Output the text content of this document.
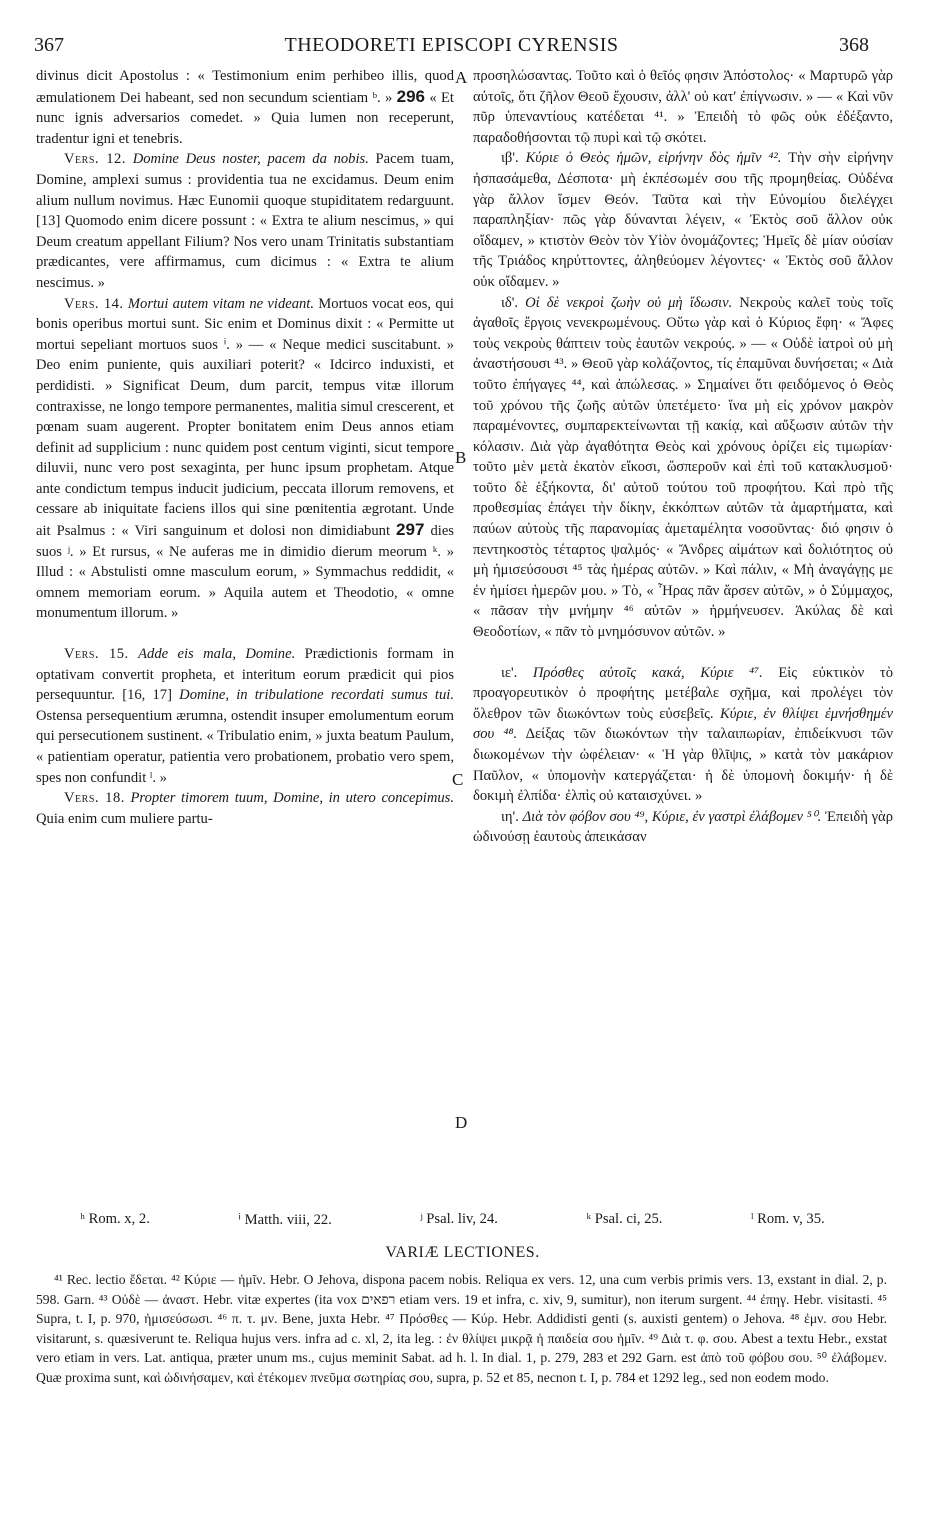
367	THEODORETI EPISCOPI CYRENSIS	368
A
B
C
D

divinus dicit Apostolus : « Testimonium enim perhibeo illis, quod æmulationem Dei habeant, sed non secundum scientiam ᵇ. » 296 « Et nunc ignis adversarios comedet. » Quia lumen non receperunt, tradentur igni et tenebris.

Vers. 12. Domine Deus noster, pacem da nobis. Pacem tuam, Domine, amplexi sumus : providentia tua ne excidamus. Deum enim alium nullum novimus. Hæc Eunomii quoque stupiditatem redarguunt. [13] Quomodo enim dicere possunt : « Extra te alium nescimus, » qui Deum creatum appellant Filium? Nos vero unam Trinitatis substantiam prædicantes, vere affirmamus, cum dicimus : « Extra te alium nescimus. »

Vers. 14. Mortui autem vitam ne videant. Mortuos vocat eos, qui bonis operibus mortui sunt. Sic enim et Dominus dixit : « Permitte ut mortui sepeliant mortuos suos ⁱ. » — « Neque medici suscitabunt. » Deo enim puniente, quis auxiliari poterit? « Idcirco induxisti, et perdidisti. » Significat Deum, dum parcit, tempus vitæ illorum contraxisse, ne longo tempore permanentes, malitia simul crescerent, et pœnam suam augerent. Propter bonitatem enim Deus annos etiam definit ad supplicium : nunc quidem post centum viginti, sicut tempore diluvii, nunc vero post sexaginta, per hunc ipsum prophetam. Atque ante condictum tempus inducit judicium, peccata illorum removens, et cessare ab iniquitate faciens illos qui sine pœnitentia ægrotant. Unde ait Psalmus : « Viri sanguinum et dolosi non dimidiabunt 297 dies suos ʲ. » Et rursus, « Ne auferas me in dimidio dierum meorum ᵏ. » Illud : « Abstulisti omne masculum eorum, » Symmachus reddidit, « omnem memoriam eorum. » Aquila autem et Theodotio, « omne monumentum illorum. »

Vers. 15. Adde eis mala, Domine. Prædictionis formam in optativam convertit propheta, et interitum eorum prædicit qui pios persequuntur. [16, 17] Domine, in tribulatione recordati sumus tui. Ostensa persequentium ærumna, ostendit insuper emolumentum eorum qui persecutionem sustinent. « Tribulatio enim, » juxta beatum Paulum, « patientiam operatur, patientia vero probationem, probatio vero spem, spes non confundit ˡ. »

Vers. 18. Propter timorem tuum, Domine, in utero concepimus. Quia enim cum muliere partu-

προσηλώσαντας. Τοῦτο καὶ ὁ θεῖός φησιν Ἀπόστολος· « Μαρτυρῶ γὰρ αὐτοῖς, ὅτι ζῆλον Θεοῦ ἔχουσιν, ἀλλ' οὐ κατ' ἐπίγνωσιν. » — « Καὶ νῦν πῦρ ὑπεναντίους κατέδεται ⁴¹. » Ἐπειδὴ τὸ φῶς οὐκ ἐδέξαντο, παραδοθήσονται τῷ πυρὶ καὶ τῷ σκότει.

ιβ'. Κύριε ὁ Θεὸς ἡμῶν, εἰρήνην δὸς ἡμῖν ⁴². Τὴν σὴν εἰρήνην ἠσπασάμεθα, Δέσποτα· μὴ ἐκπέσωμέν σου τῆς προμηθείας. Οὐδένα γὰρ ἄλλον ἴσμεν Θεόν. Ταῦτα καὶ τὴν Εὐνομίου διελέγχει παραπληξίαν· πῶς γὰρ δύνανται λέγειν, « Ἐκτὸς σοῦ ἄλλον οὐκ οἴδαμεν, » κτιστὸν Θεὸν τὸν Υἱὸν ὀνομάζοντες; Ἡμεῖς δὲ μίαν οὐσίαν τῆς Τριάδος κηρύττοντες, ἀληθεύομεν λέγοντες· « Ἐκτὸς σοῦ ἄλλον οὐκ οἴδαμεν. »

ιδ'. Οἱ δὲ νεκροὶ ζωὴν οὐ μὴ ἴδωσιν. Νεκροὺς καλεῖ τοὺς τοῖς ἀγαθοῖς ἔργοις νενεκρωμένους. Οὕτω γὰρ καὶ ὁ Κύριος ἔφη· « Ἄφες τοὺς νεκροὺς θάπτειν τοὺς ἑαυτῶν νεκρούς. » — « Οὐδὲ ἰατροὶ οὐ μὴ ἀναστήσουσι ⁴³. » Θεοῦ γὰρ κολάζοντος, τίς ἐπαμῦναι δυνήσεται; « Διὰ τοῦτο ἐπήγαγες ⁴⁴, καὶ ἀπώλεσας. » Σημαίνει ὅτι φειδόμενος ὁ Θεὸς τοῦ χρόνου τῆς ζωῆς αὐτῶν ὑπετέμετο· ἵνα μὴ εἰς χρόνον μακρὸν παραμένοντες, συμπαρεκτείνωνται τῇ κακίᾳ, καὶ αὔξωσιν αὐτῶν τὴν κόλασιν. Διὰ γὰρ ἀγαθότητα Θεὸς καὶ χρόνους ὁρίζει εἰς τιμωρίαν· τοῦτο μὲν μετὰ ἑκατὸν εἴκοσι, ὥσπεροῦν καὶ ἐπὶ τοῦ κατακλυσμοῦ· τοῦτο δὲ ἑξήκοντα, δι' αὐτοῦ τούτου τοῦ προφήτου. Καὶ πρὸ τῆς προθεσμίας ἐπάγει τὴν δίκην, ἐκκόπτων αὐτῶν τὰ ἁμαρτήματα, καὶ παύων αὐτοὺς τῆς παρανομίας ἀμεταμέλητα νοσοῦντας· διό φησιν ὁ πεντηκοστὸς τέταρτος ψαλμός· « Ἄνδρες αἱμάτων καὶ δολιότητος οὐ μὴ ἡμισεύσουσι ⁴⁵ τὰς ἡμέρας αὐτῶν. » Καὶ πάλιν, « Μὴ ἀναγάγῃς με ἐν ἡμίσει ἡμερῶν μου. » Τὸ, « Ἦρας πᾶν ἄρσεν αὐτῶν, » ὁ Σύμμαχος, « πᾶσαν τὴν μνήμην ⁴⁶ αὐτῶν » ἡρμήνευσεν. Ἀκύλας δὲ καὶ Θεοδοτίων, « πᾶν τὸ μνημόσυνον αὐτῶν. »

ιε'. Πρόσθες αὐτοῖς κακά, Κύριε ⁴⁷. Εἰς εὐκτικὸν τὸ προαγορευτικὸν ὁ προφήτης μετέβαλε σχῆμα, καὶ προλέγει τὸν ὄλεθρον τῶν διωκόντων τοὺς εὐσεβεῖς. Κύριε, ἐν θλίψει ἐμνήσθημέν σου ⁴⁸. Δείξας τῶν διωκόντων τὴν ταλαιπωρίαν, ἐπιδείκνυσι τῶν διωκομένων τὴν ὠφέλειαν· « Ἡ γὰρ θλῖψις, » κατὰ τὸν μακάριον Παῦλον, « ὑπομονὴν κατεργάζεται· ἡ δὲ ὑπομονὴ δοκιμήν· ἡ δὲ δοκιμὴ ἐλπίδα· ἐλπὶς οὐ καταισχύνει. »

ιη'. Διὰ τὸν φόβον σου ⁴⁹, Κύριε, ἐν γαστρὶ ἐλάβομεν ⁵⁰. Ἐπειδὴ γὰρ ὠδινούσῃ ἑαυτοὺς ἀπεικάσαν

ʰ Rom. x, 2.	ⁱ Matth. viii, 22.	ʲ Psal. liv, 24.	ᵏ Psal. ci, 25.	ˡ Rom. v, 35.
VARIÆ LECTIONES.
⁴¹ Rec. lectio ἔδεται. ⁴² Κύριε — ἡμῖν. Hebr. O Jehova, dispona pacem nobis. Reliqua ex vers. 12, una cum verbis primis vers. 13, exstant in dial. 2, p. 598. Garn. ⁴³ Οὐδὲ — ἀναστ. Hebr. vitæ expertes (ita vox רפאים etiam vers. 19 et infra, c. xiv, 9, sumitur), non iterum surgent. ⁴⁴ ἐπηγ. Hebr. visitasti. ⁴⁵ Supra, t. I, p. 970, ἡμισεύσωσι. ⁴⁶ π. τ. μν. Bene, juxta Hebr. ⁴⁷ Πρόσθες — Κύρ. Hebr. Addidisti genti (s. auxisti gentem) o Jehova. ⁴⁸ ἐμν. σου Hebr. visitarunt, s. quæsiverunt te. Reliqua hujus vers. infra ad c. xl, 2, ita leg. : ἐν θλίψει μικρᾷ ἡ παιδεία σου ἡμῖν. ⁴⁹ Διὰ τ. φ. σου. Abest a textu Hebr., exstat vero etiam in vers. Lat. antiqua, præter unum ms., cujus meminit Sabat. ad h. l. In dial. 1, p. 279, 283 et 292 Garn. est ἀπὸ τοῦ φόβου σου. ⁵⁰ ἐλάβομεν. Quæ proxima sunt, καὶ ὠδινήσαμεν, καὶ ἐτέκομεν πνεῦμα σωτηρίας σου, supra, p. 52 et 85, necnon t. I, p. 784 et 1292 leg., sed non eodem modo.
